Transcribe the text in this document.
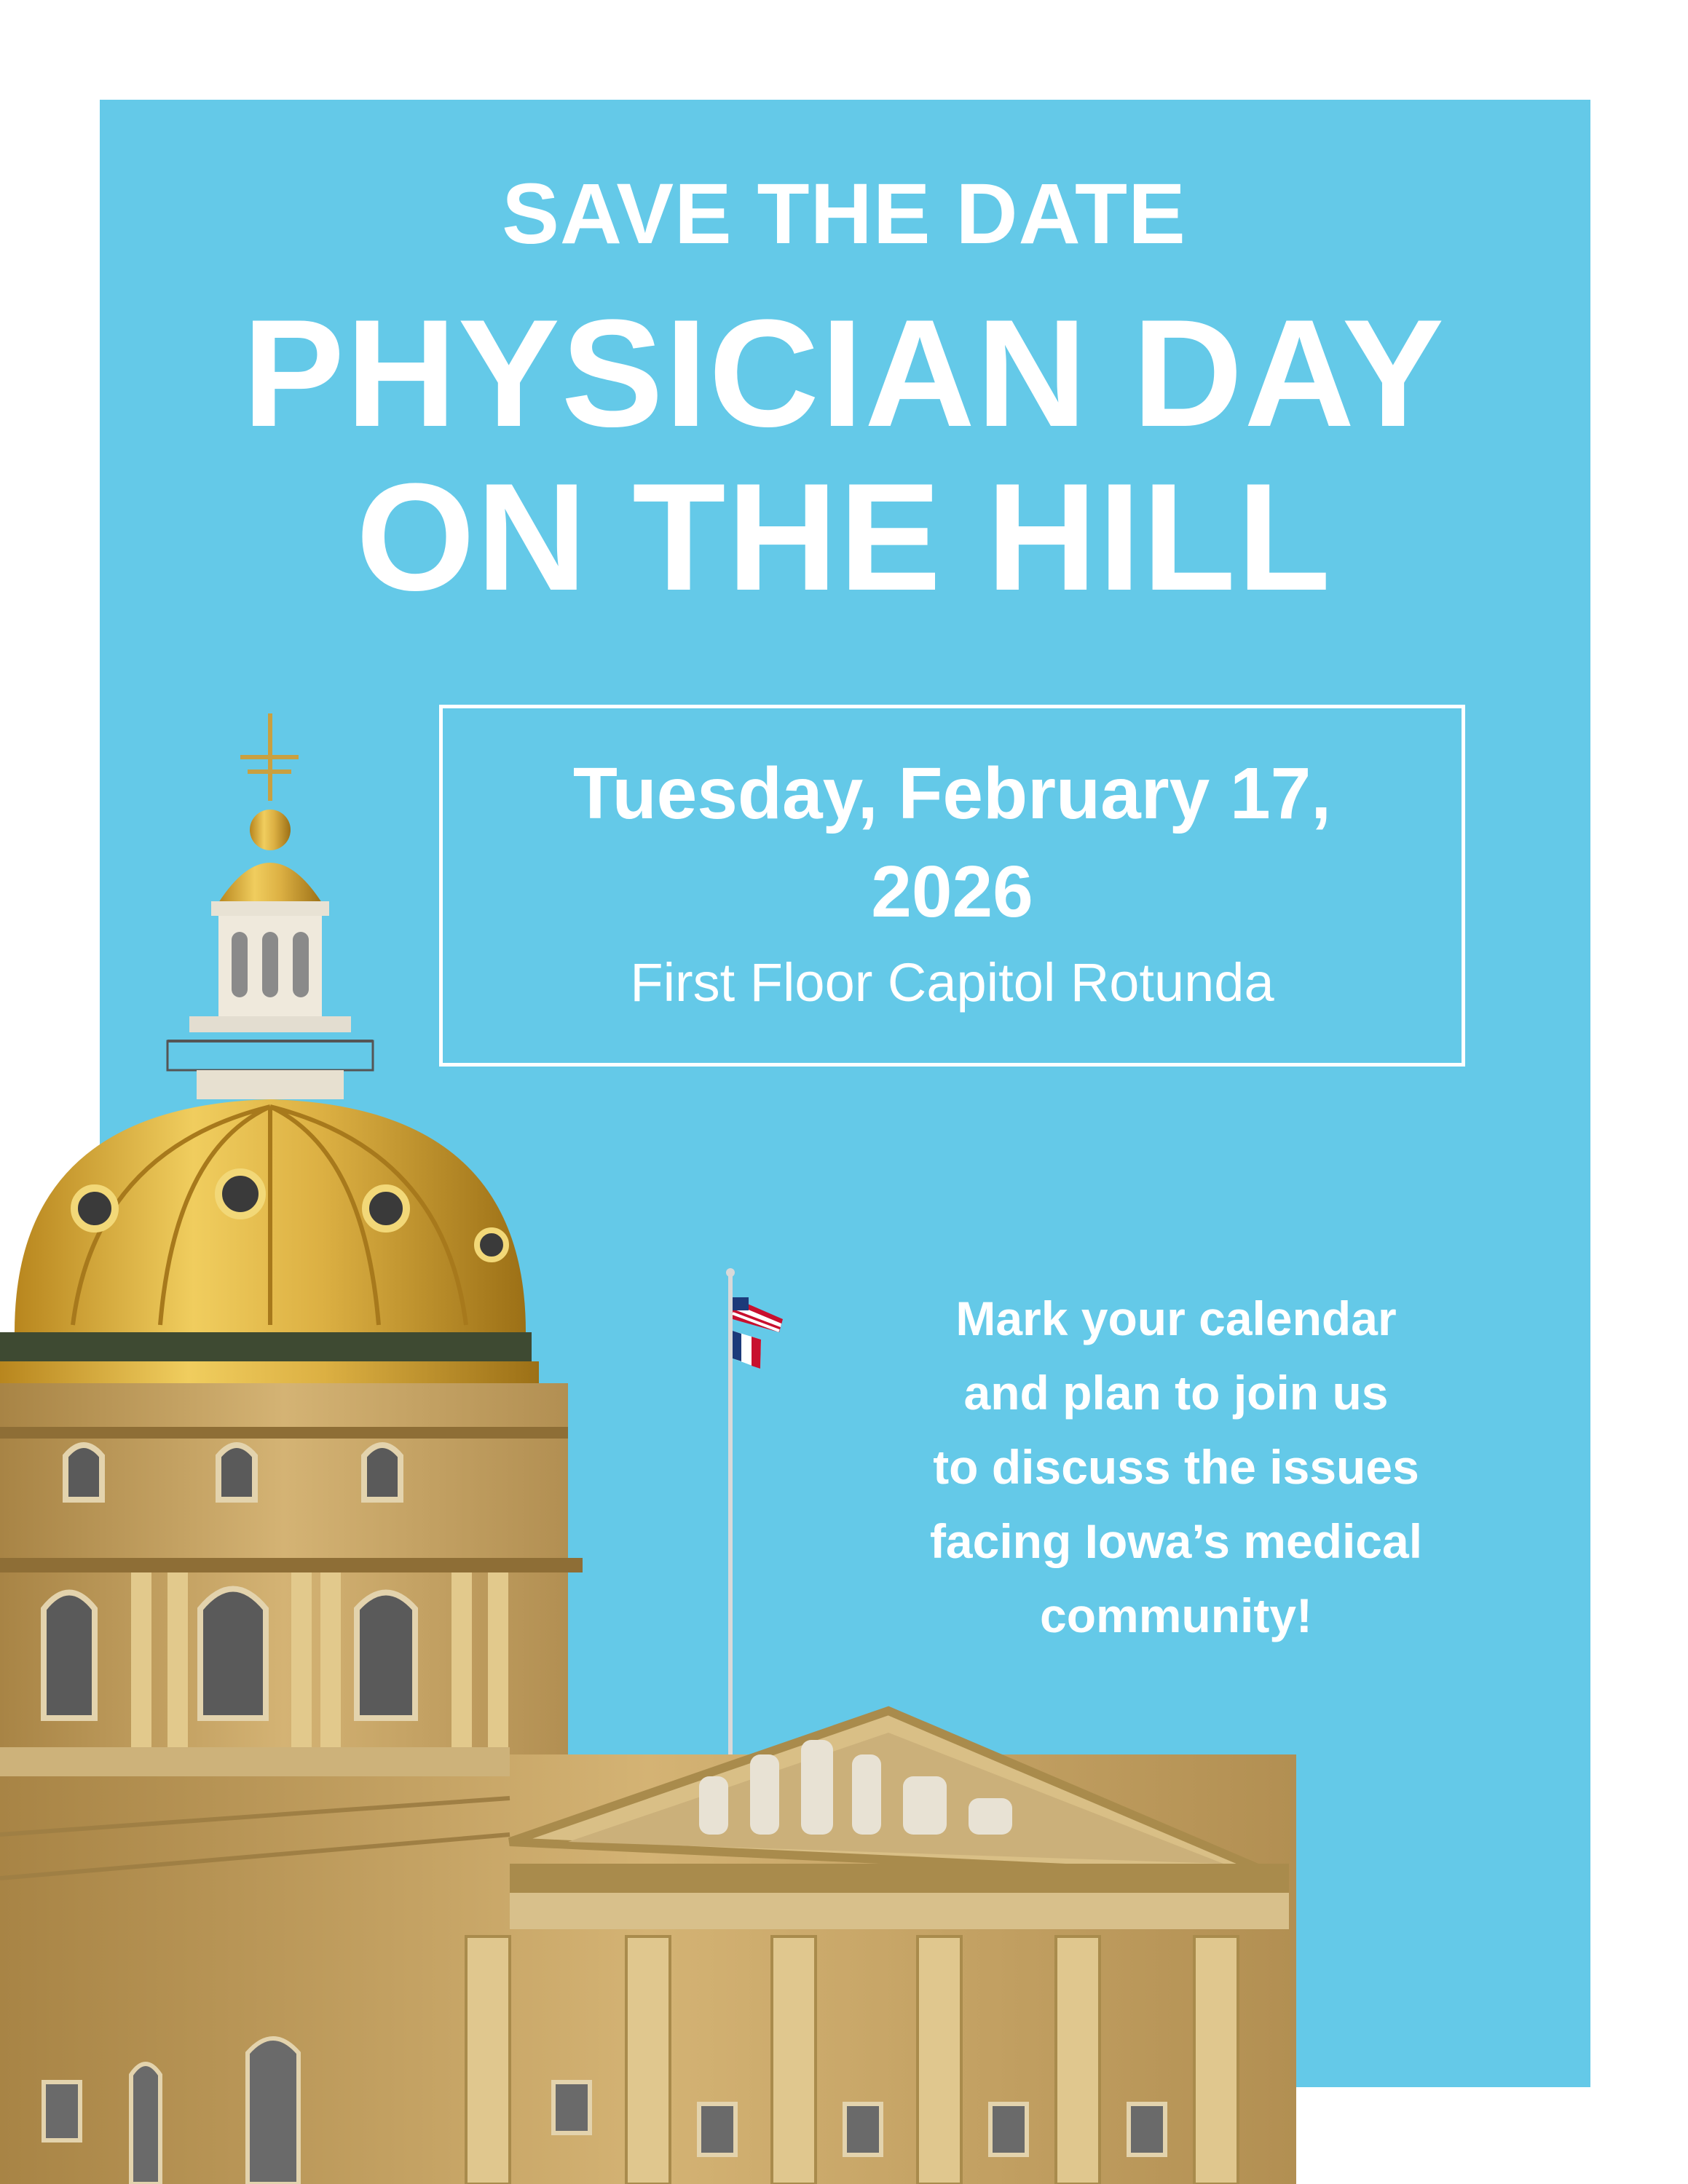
SAVE THE DATE
PHYSICIAN DAY
ON THE HILL
Tuesday, February 17, 2026
First Floor Capitol Rotunda
Mark your calendar
and plan to join us
to discuss the issues
facing Iowa’s medical
community!
